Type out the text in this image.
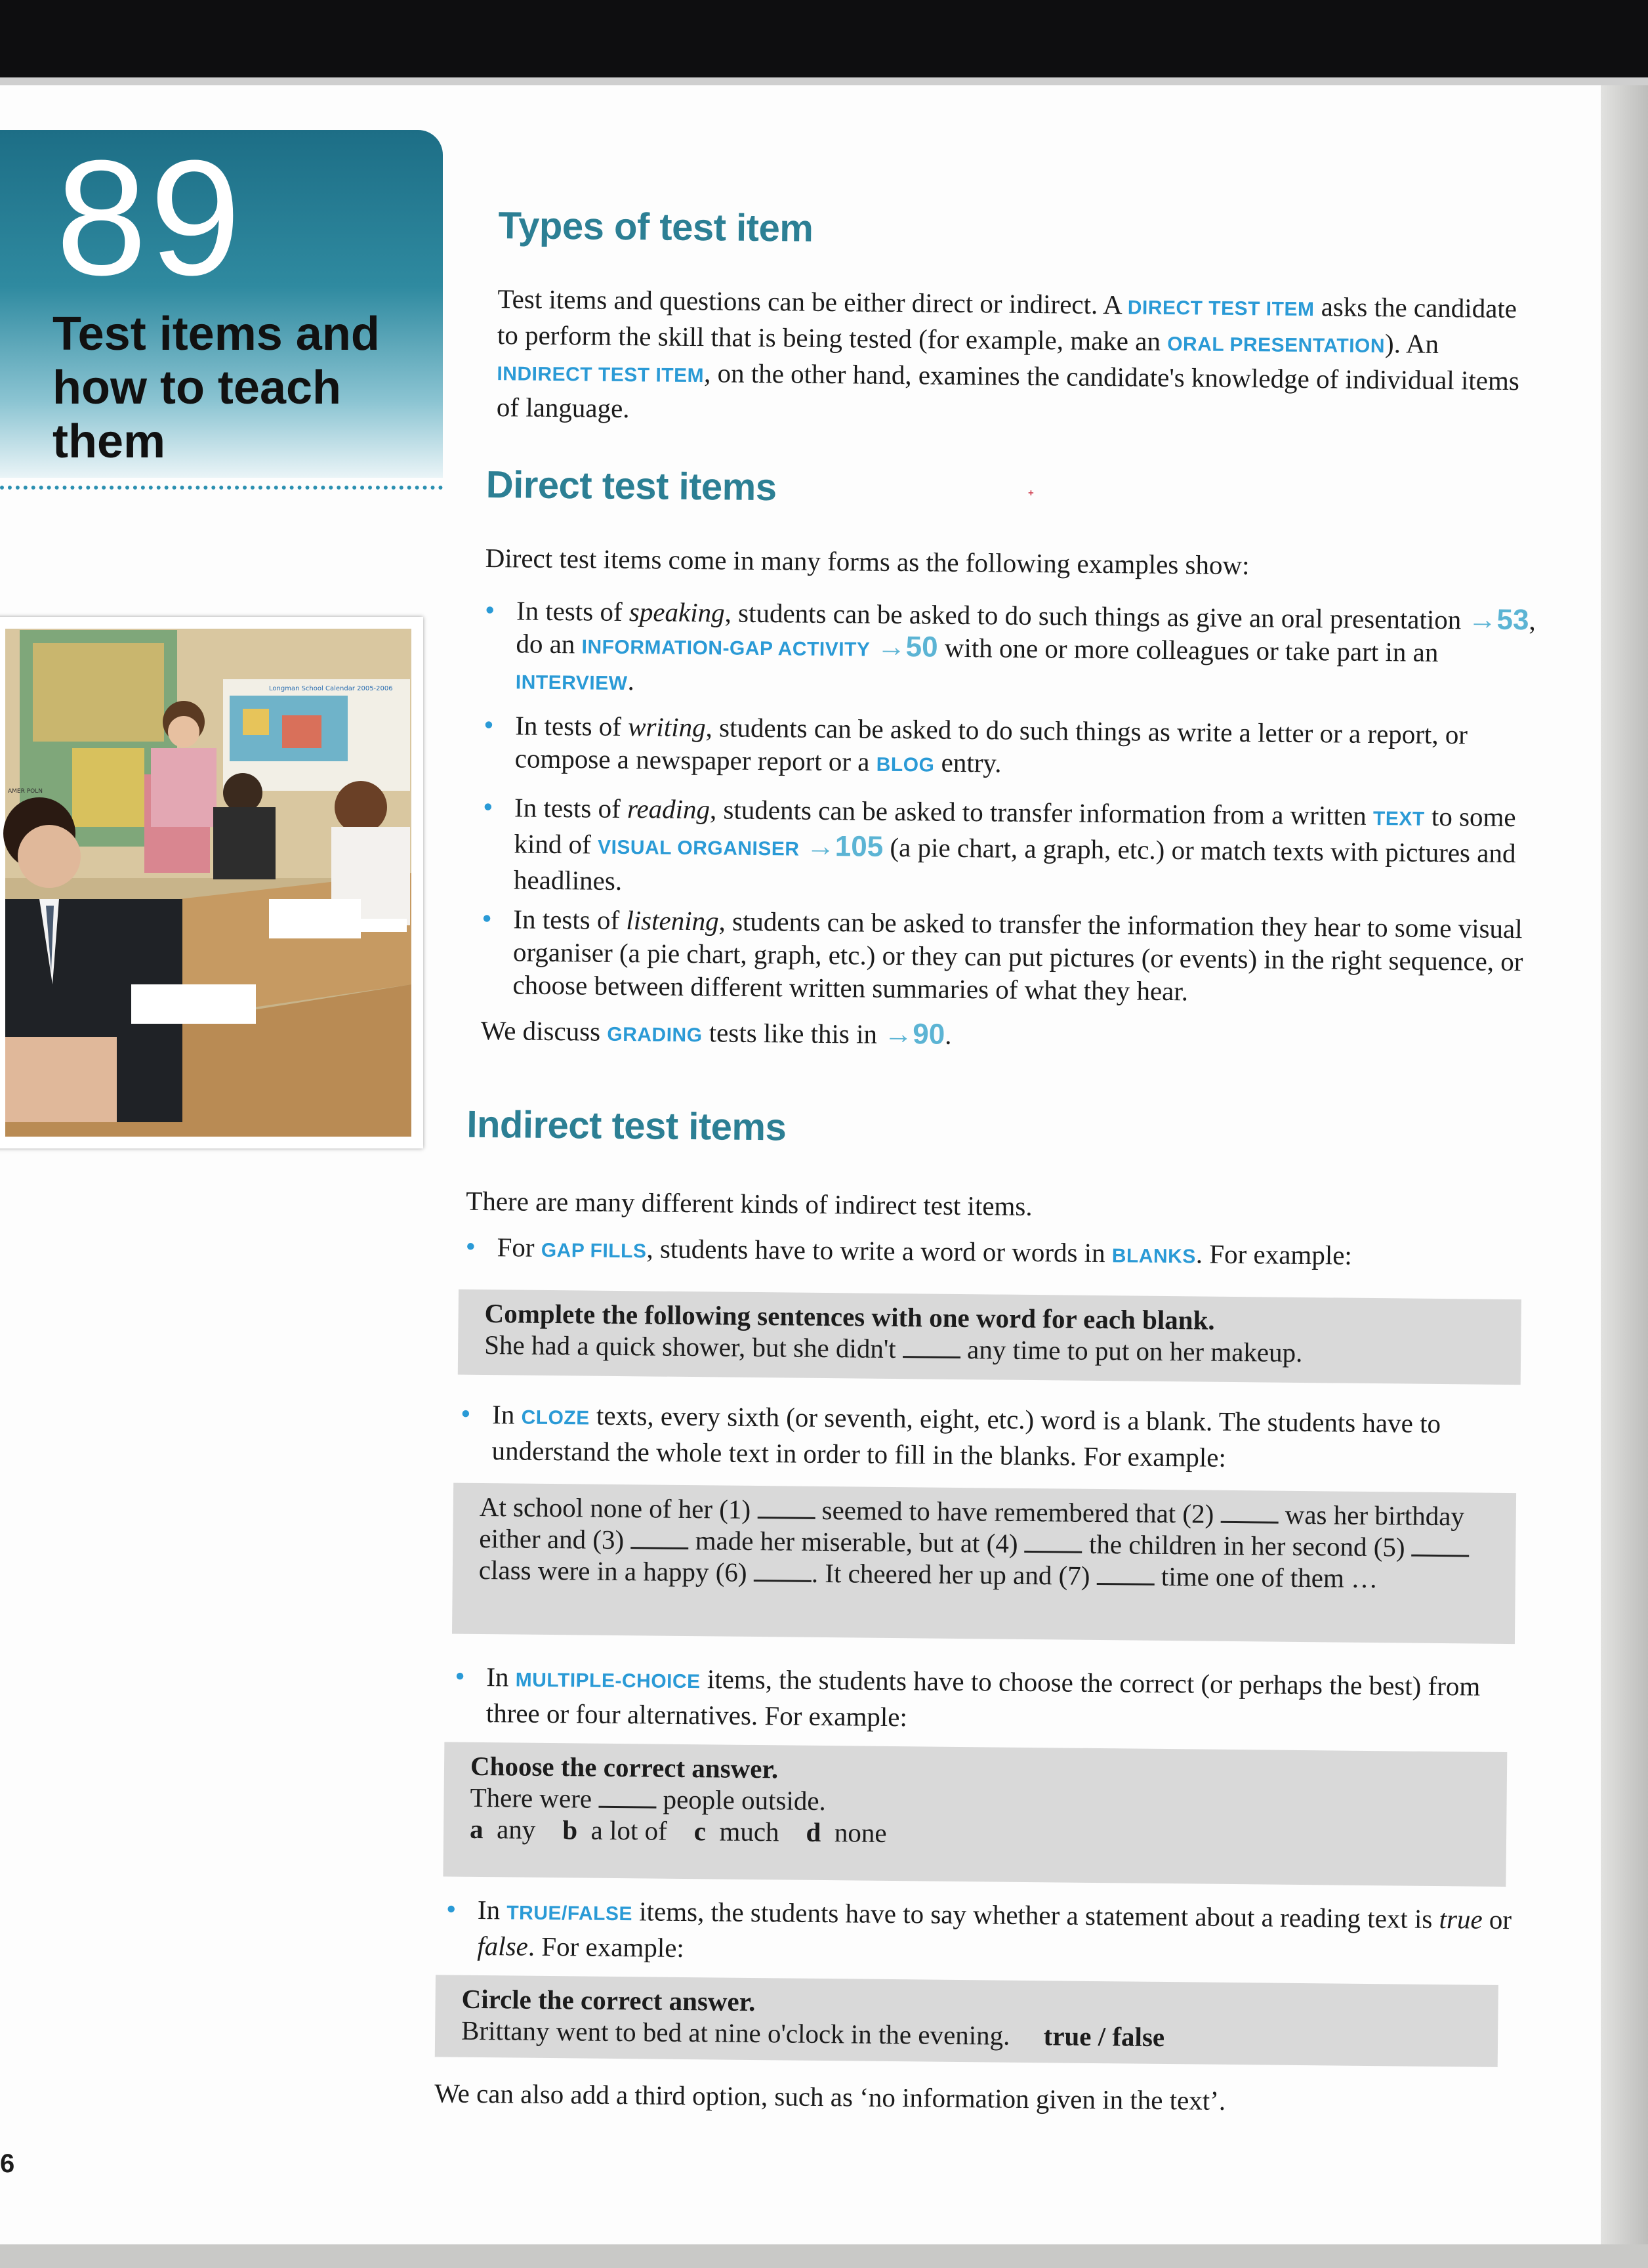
89
Test items and how to teach them
Longman School Calendar 2005-2006
AMER POLN
6
Types of test item

Test items and questions can be either direct or indirect. A DIRECT TEST ITEM asks the candidate to perform the skill that is being tested (for example, make an ORAL PRESENTATION). An INDIRECT TEST ITEM, on the other hand, examines the candidate's knowledge of individual items of language.

Direct test items	ᐩ

Direct test items come in many forms as the following examples show:

• In tests of speaking, students can be asked to do such things as give an oral presentation →53, do an INFORMATION-GAP ACTIVITY →50 with one or more colleagues or take part in an INTERVIEW.
• In tests of writing, students can be asked to do such things as write a letter or a report, or compose a newspaper report or a BLOG entry.
• In tests of reading, students can be asked to transfer information from a written TEXT to some kind of VISUAL ORGANISER →105 (a pie chart, a graph, etc.) or match texts with pictures and headlines.
• In tests of listening, students can be asked to transfer the information they hear to some visual organiser (a pie chart, graph, etc.) or they can put pictures (or events) in the right sequence, or choose between different written summaries of what they hear.

We discuss GRADING tests like this in →90.

Indirect test items

There are many different kinds of indirect test items.

• For GAP FILLS, students have to write a word or words in BLANKS. For example:
Complete the following sentences with one word for each blank.
She had a quick shower, but she didn't  any time to put on her makeup.
• In CLOZE texts, every sixth (or seventh, eight, etc.) word is a blank. The students have to understand the whole text in order to fill in the blanks. For example:
At school none of her (1)  seemed to have remembered that (2)  was her birthday either and (3)  made her miserable, but at (4)  the children in her second (5)  class were in a happy (6) . It cheered her up and (7)  time one of them …
• In MULTIPLE-CHOICE items, the students have to choose the correct (or perhaps the best) from three or four alternatives. For example:
Choose the correct answer.
There were  people outside.
a any b a lot of c much d none
• In TRUE/FALSE items, the students have to say whether a statement about a reading text is true or false. For example:
Circle the correct answer.
Brittany went to bed at nine o'clock in the evening. true / false

We can also add a third option, such as ‘no information given in the text’.
